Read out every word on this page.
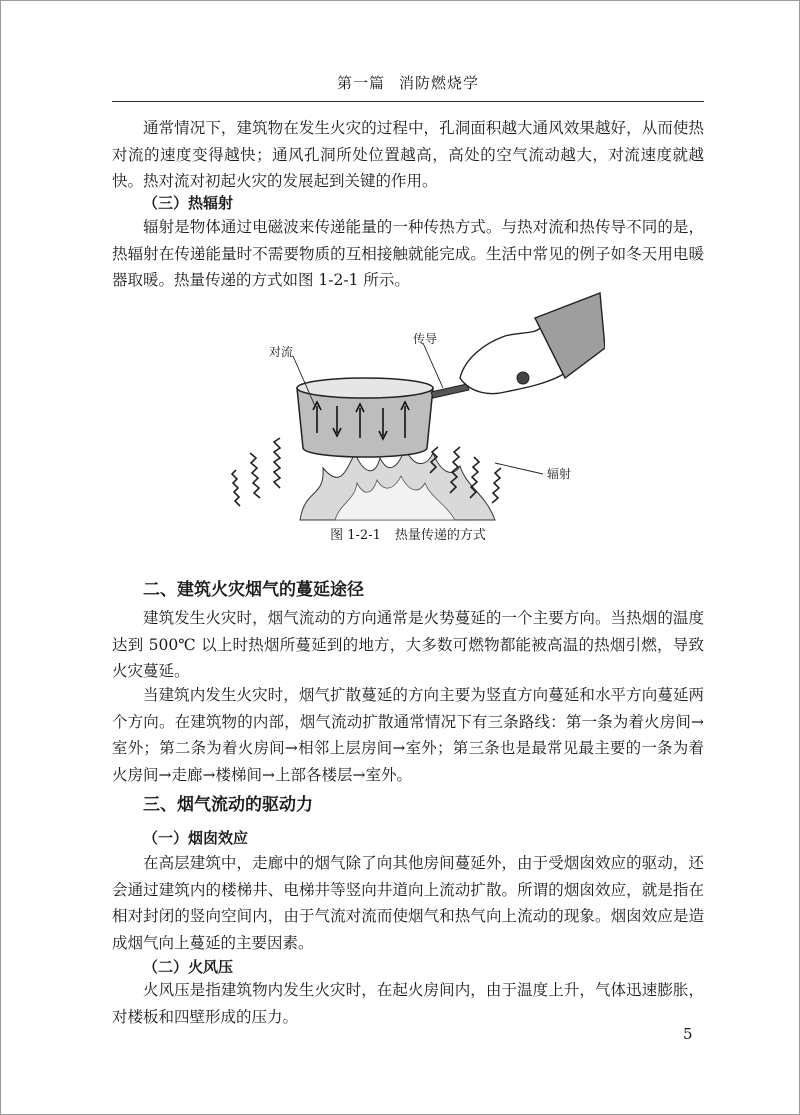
第一篇 消防燃烧学

通常情况下，建筑物在发生火灾的过程中，孔洞面积越大通风效果越好，从而使热对流的速度变得越快；通风孔洞所处位置越高，高处的空气流动越大，对流速度就越快。热对流对初起火灾的发展起到关键的作用。

（三）热辐射

辐射是物体通过电磁波来传递能量的一种传热方式。与热对流和热传导不同的是，热辐射在传递能量时不需要物质的互相接触就能完成。生活中常见的例子如冬天用电暖器取暖。热量传递的方式如图 1-2-1 所示。

对流
传导
辐射
图 1-2-1 热量传递的方式

二、建筑火灾烟气的蔓延途径

建筑发生火灾时，烟气流动的方向通常是火势蔓延的一个主要方向。当热烟的温度达到 500℃ 以上时热烟所蔓延到的地方，大多数可燃物都能被高温的热烟引燃，导致火灾蔓延。

当建筑内发生火灾时，烟气扩散蔓延的方向主要为竖直方向蔓延和水平方向蔓延两个方向。在建筑物的内部，烟气流动扩散通常情况下有三条路线：第一条为着火房间→室外；第二条为着火房间→相邻上层房间→室外；第三条也是最常见最主要的一条为着火房间→走廊→楼梯间→上部各楼层→室外。

三、烟气流动的驱动力

（一）烟囱效应

在高层建筑中，走廊中的烟气除了向其他房间蔓延外，由于受烟囱效应的驱动，还会通过建筑内的楼梯井、电梯井等竖向井道向上流动扩散。所谓的烟囱效应，就是指在相对封闭的竖向空间内，由于气流对流而使烟气和热气向上流动的现象。烟囱效应是造成烟气向上蔓延的主要因素。

（二）火风压

火风压是指建筑物内发生火灾时，在起火房间内，由于温度上升，气体迅速膨胀，对楼板和四壁形成的压力。

5
